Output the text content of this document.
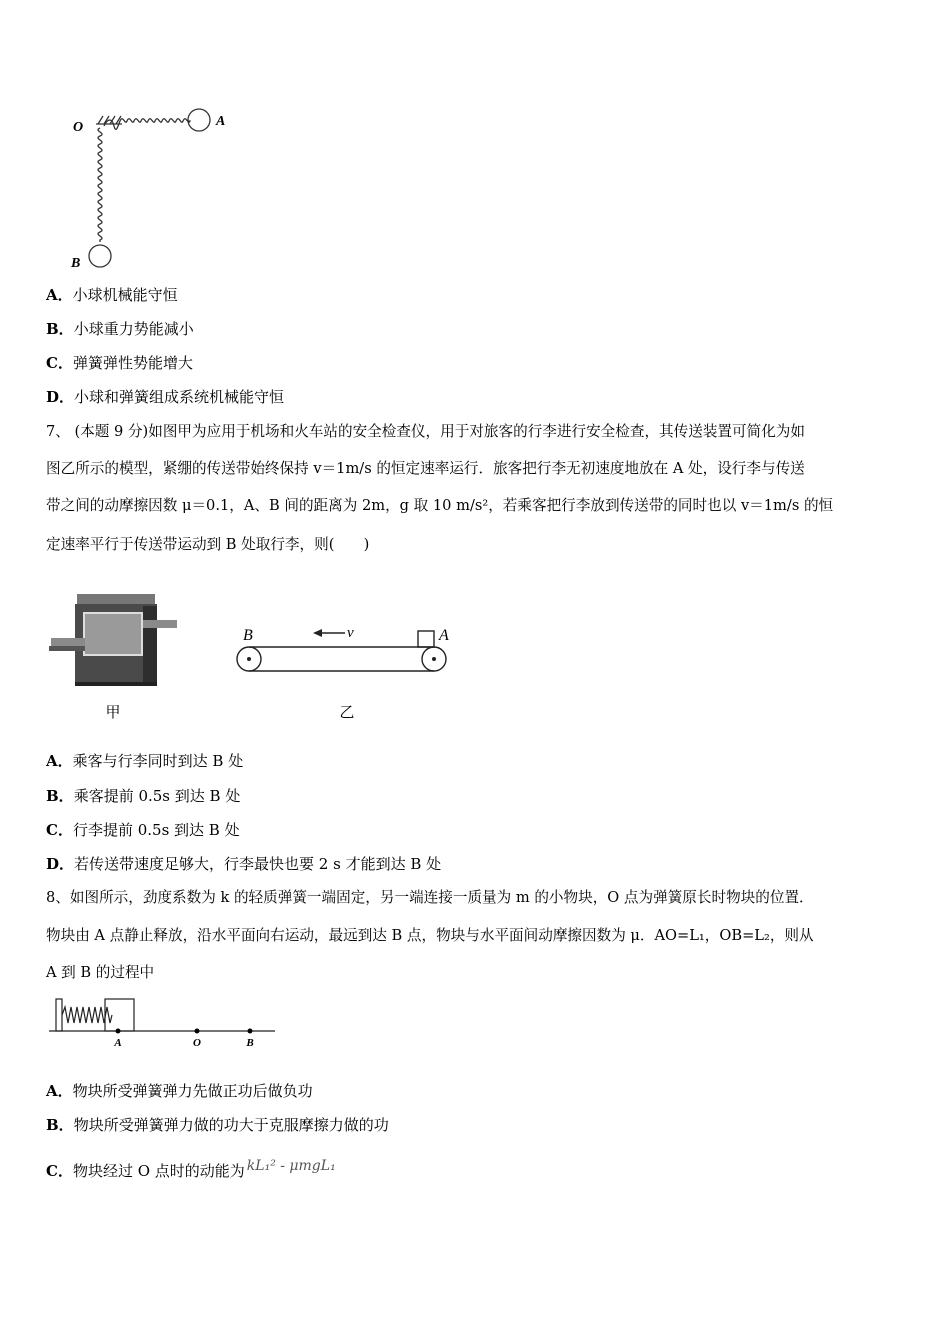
O	A
B
A．小球机械能守恒
B．小球重力势能减小
C．弹簧弹性势能增大
D．小球和弹簧组成系统机械能守恒
7、 (本题 9 分)如图甲为应用于机场和火车站的安全检查仪，用于对旅客的行李进行安全检查，其传送装置可简化为如
图乙所示的模型，紧绷的传送带始终保持 v＝1m/s 的恒定速率运行．旅客把行李无初速度地放在 A 处，设行李与传送
带之间的动摩擦因数 μ＝0.1，A、B 间的距离为 2m，g 取 10 m/s²，若乘客把行李放到传送带的同时也以 v＝1m/s 的恒
定速率平行于传送带运动到 B 处取行李，则(　　)
甲
B	A
v
乙
A．乘客与行李同时到达 B 处
B．乘客提前 0.5s 到达 B 处
C．行李提前 0.5s 到达 B 处
D．若传送带速度足够大，行李最快也要 2 s 才能到达 B 处
8、如图所示，劲度系数为 k 的轻质弹簧一端固定，另一端连接一质量为 m 的小物块，O 点为弹簧原长时物块的位置．
物块由 A 点静止释放，沿水平面向右运动，最远到达 B 点，物块与水平面间动摩擦因数为 μ．AO=L₁，OB=L₂，则从
A 到 B 的过程中
A	O	B
A．物块所受弹簧弹力先做正功后做负功
B．物块所受弹簧弹力做的功大于克服摩擦力做的功
C．物块经过 O 点时的动能为 kL₁² - μmgL₁
